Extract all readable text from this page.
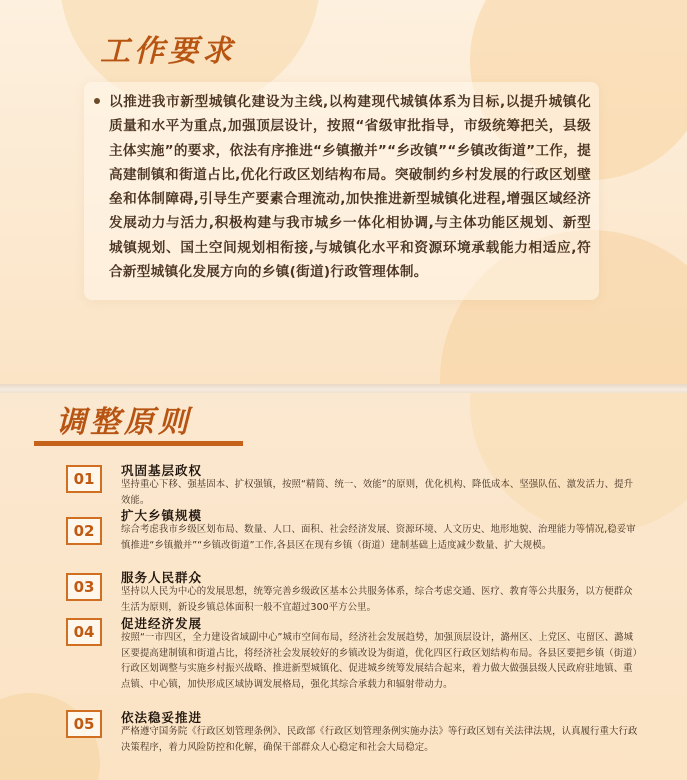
工作要求

以推进我市新型城镇化建设为主线,以构建现代城镇体系为目标,以提升城镇化质量和水平为重点,加强顶层设计，按照“省级审批指导，市级统筹把关，县级主体实施”的要求，依法有序推进“乡镇撤并”“乡改镇”“乡镇改街道”工作，提高建制镇和街道占比,优化行政区划结构布局。突破制约乡村发展的行政区划壁垒和体制障碍,引导生产要素合理流动,加快推进新型城镇化进程,增强区域经济发展动力与活力,积极构建与我市城乡一体化相协调,与主体功能区规划、新型城镇规划、国土空间规划相衔接,与城镇化水平和资源环境承载能力相适应,符合新型城镇化发展方向的乡镇(街道)行政管理体制。

调整原则
01	巩固基层政权
坚持重心下移、强基固本、扩权强镇，按照“精简、统一、效能”的原则，优化机构、降低成本、坚强队伍、激发活力、提升效能。
02
扩大乡镇规模
综合考虑我市乡级区划布局、数量、人口、面积、社会经济发展、资源环境、人文历史、地形地貌、治理能力等情况,稳妥审慎推进“乡镇撤并”“乡镇改街道”工作,各县区在现有乡镇（街道）建制基础上适度减少数量、扩大规模。
03
服务人民群众
坚持以人民为中心的发展思想，统筹完善乡级政区基本公共服务体系，综合考虑交通、医疗、教育等公共服务，以方便群众生活为原则，新设乡镇总体面积一般不宜超过300平方公里。
04	促进经济发展
按照“一市四区，全力建设省域副中心”城市空间布局，经济社会发展趋势，加强顶层设计，潞州区、上党区、屯留区、潞城区要提高建制镇和街道占比，将经济社会发展较好的乡镇改设为街道，优化四区行政区划结构布局。各县区要把乡镇（街道）行政区划调整与实施乡村振兴战略、推进新型城镇化、促进城乡统筹发展结合起来，着力做大做强县级人民政府驻地镇、重点镇、中心镇，加快形成区域协调发展格局，强化其综合承载力和辐射带动力。
05	依法稳妥推进
严格遵守国务院《行政区划管理条例》、民政部《行政区划管理条例实施办法》等行政区划有关法律法规，认真履行重大行政决策程序，着力风险防控和化解，确保干部群众人心稳定和社会大局稳定。
